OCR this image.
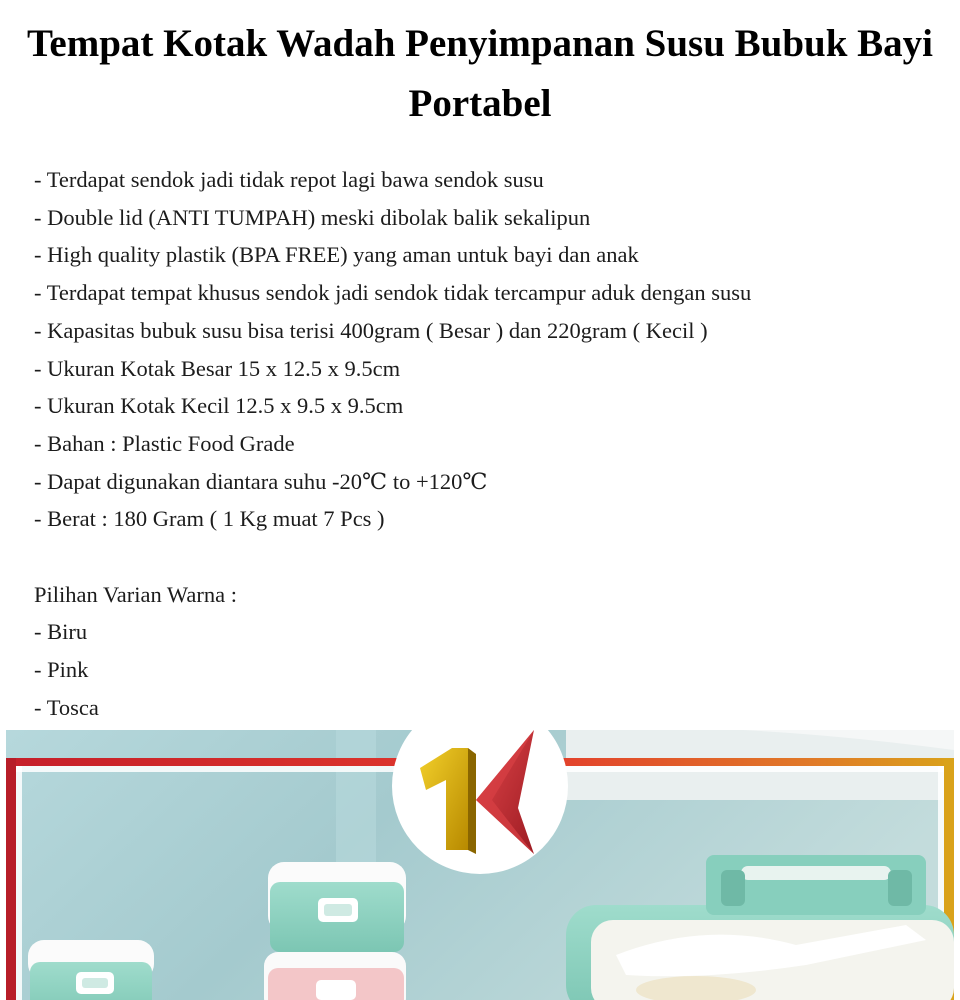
Tempat Kotak Wadah Penyimpanan Susu Bubuk Bayi Portabel
- Terdapat sendok jadi tidak repot lagi bawa sendok susu
- Double lid (ANTI TUMPAH) meski dibolak balik sekalipun
- High quality plastik (BPA FREE) yang aman untuk bayi dan anak
- Terdapat tempat khusus sendok jadi sendok tidak tercampur aduk dengan susu
- Kapasitas bubuk susu bisa terisi 400gram ( Besar ) dan 220gram ( Kecil )
- Ukuran Kotak Besar 15 x 12.5 x 9.5cm
- Ukuran Kotak Kecil 12.5 x 9.5 x 9.5cm
- Bahan : Plastic Food Grade
- Dapat digunakan diantara suhu -20℃ to +120℃
- Berat : 180 Gram ( 1 Kg muat 7 Pcs )
Pilihan Varian Warna :
- Biru
- Pink
- Tosca
